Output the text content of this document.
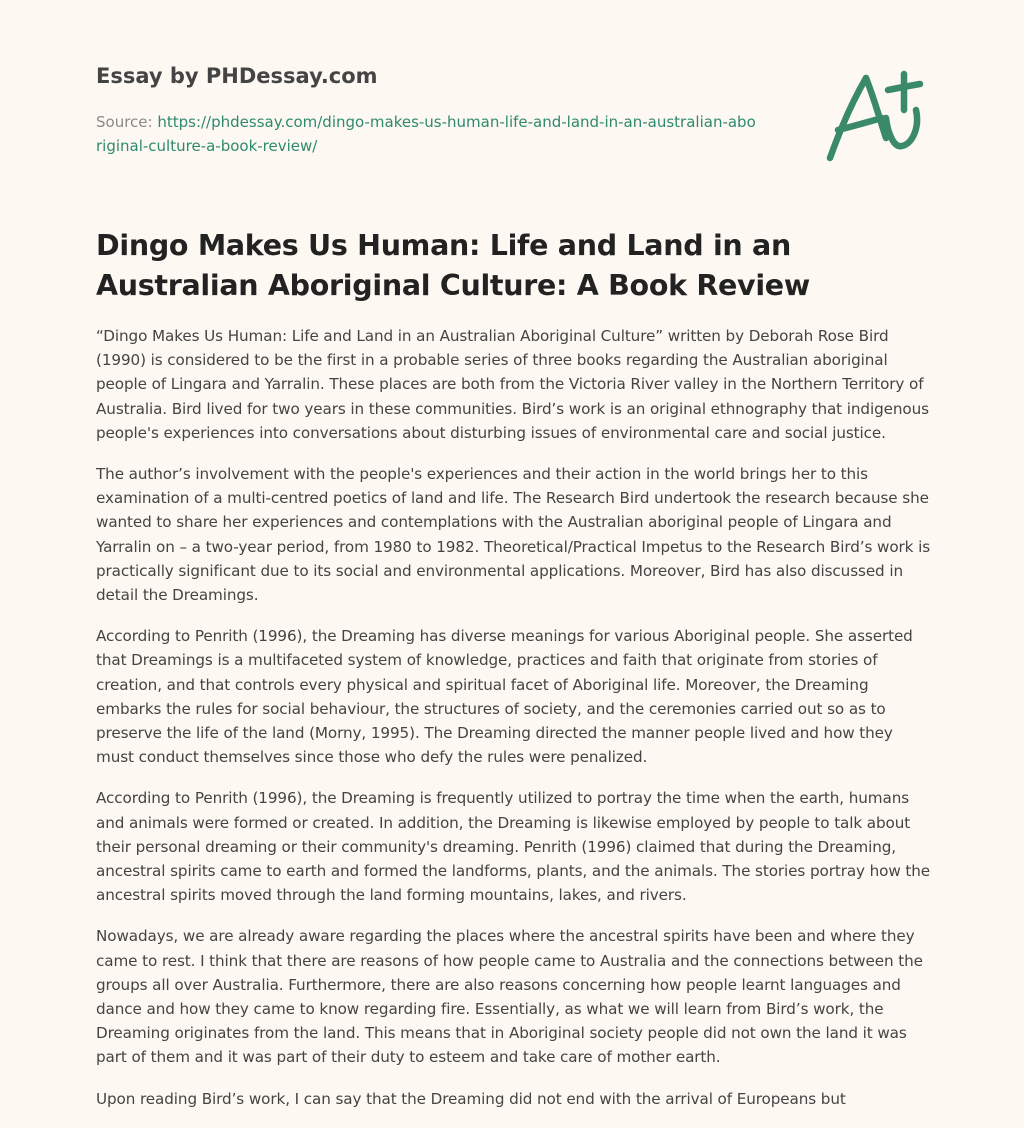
Essay by PHDessay.com
Source: https://phdessay.com/dingo-makes-us-human-life-and-land-in-an-australian-aboriginal-culture-a-book-review/
Dingo Makes Us Human: Life and Land in an Australian Aboriginal Culture: A Book Review

“Dingo Makes Us Human: Life and Land in an Australian Aboriginal Culture” written by Deborah Rose Bird (1990) is considered to be the first in a probable series of three books regarding the Australian aboriginal people of Lingara and Yarralin. These places are both from the Victoria River valley in the Northern Territory of Australia. Bird lived for two years in these communities. Bird’s work is an original ethnography that indigenous people's experiences into conversations about disturbing issues of environmental care and social justice.

The author’s involvement with the people's experiences and their action in the world brings her to this examination of a multi-centred poetics of land and life. The Research Bird undertook the research because she wanted to share her experiences and contemplations with the Australian aboriginal people of Lingara and Yarralin on – a two-year period, from 1980 to 1982. Theoretical/Practical Impetus to the Research Bird’s work is practically significant due to its social and environmental applications. Moreover, Bird has also discussed in detail the Dreamings.

According to Penrith (1996), the Dreaming has diverse meanings for various Aboriginal people. She asserted that Dreamings is a multifaceted system of knowledge, practices and faith that originate from stories of creation, and that controls every physical and spiritual facet of Aboriginal life. Moreover, the Dreaming embarks the rules for social behaviour, the structures of society, and the ceremonies carried out so as to preserve the life of the land (Morny, 1995). The Dreaming directed the manner people lived and how they must conduct themselves since those who defy the rules were penalized.

According to Penrith (1996), the Dreaming is frequently utilized to portray the time when the earth, humans and animals were formed or created. In addition, the Dreaming is likewise employed by people to talk about their personal dreaming or their community's dreaming. Penrith (1996) claimed that during the Dreaming, ancestral spirits came to earth and formed the landforms, plants, and the animals. The stories portray how the ancestral spirits moved through the land forming mountains, lakes, and rivers.

Nowadays, we are already aware regarding the places where the ancestral spirits have been and where they came to rest. I think that there are reasons of how people came to Australia and the connections between the groups all over Australia. Furthermore, there are also reasons concerning how people learnt languages and dance and how they came to know regarding fire. Essentially, as what we will learn from Bird’s work, the Dreaming originates from the land. This means that in Aboriginal society people did not own the land it was part of them and it was part of their duty to esteem and take care of mother earth.

Upon reading Bird’s work, I can say that the Dreaming did not end with the arrival of Europeans but
